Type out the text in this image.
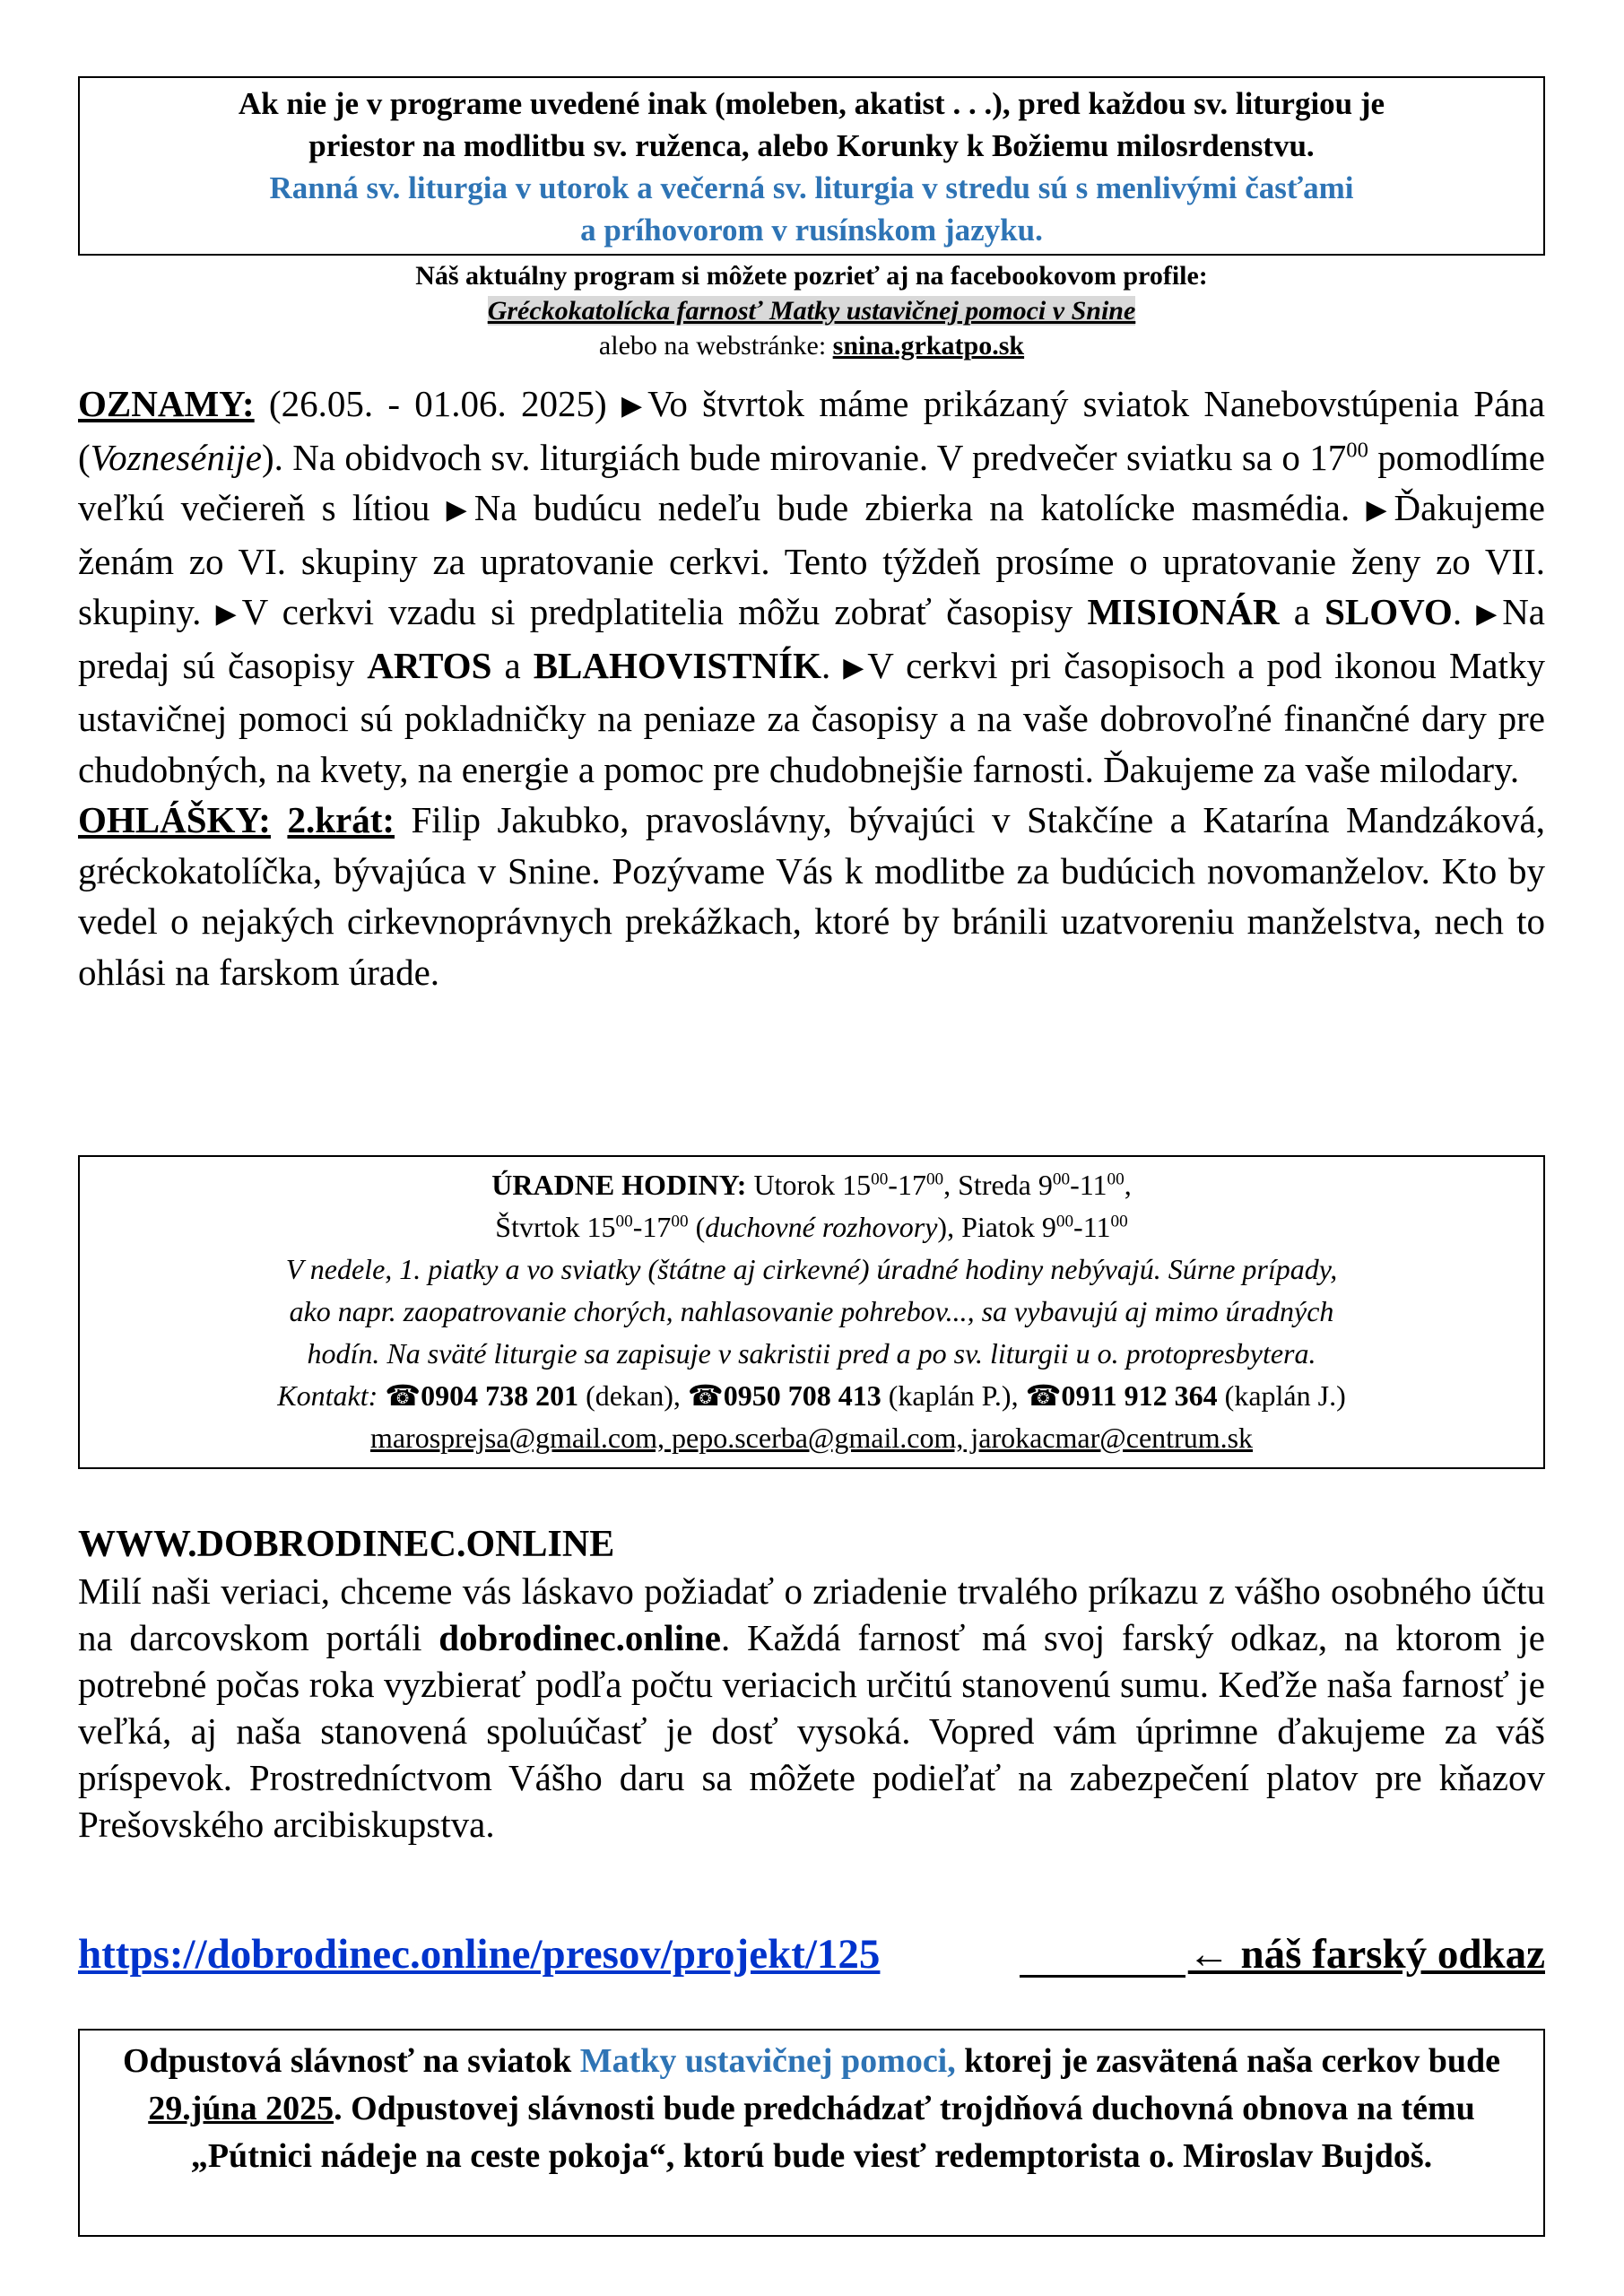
Ak nie je v programe uvedené inak (moleben, akatist . . .), pred každou sv. liturgiou je

priestor na modlitbu sv. ruženca, alebo Korunky k Božiemu milosrdenstvu.

Ranná sv. liturgia v utorok a večerná sv. liturgia v stredu sú s menlivými časťami

a príhovorom v rusínskom jazyku.

Náš aktuálny program si môžete pozrieť aj na facebookovom profile:
Gréckokatolícka farnosť Matky ustavičnej pomoci v Snine
alebo na webstránke: snina.grkatpo.sk

OZNAMY: (26.05. - 01.06. 2025) ▶Vo štvrtok máme prikázaný sviatok Nanebovstúpenia Pána (Voznesénije). Na obidvoch sv. liturgiách bude mirovanie. V predvečer sviatku sa o $17^{00}$ pomodlíme veľkú večiereň s lítiou ▶Na budúcu nedeľu bude zbierka na katolícke masmédia. ▶Ďakujeme ženám zo VI. skupiny za upratovanie cerkvi. Tento týždeň prosíme o upratovanie ženy zo VII. skupiny. ▶V cerkvi vzadu si predplatitelia môžu zobrať časopisy MISIONÁR a SLOVO. ▶Na predaj sú časopisy ARTOS a BLAHOVISTNÍK. ▶V cerkvi pri časopisoch a pod ikonou Matky ustavičnej pomoci sú pokladničky na peniaze za časopisy a na vaše dobrovoľné finančné dary pre chudobných, na kvety, na energie a pomoc pre chudobnejšie farnosti. Ďakujeme za vaše milodary.

OHLÁŠKY: 2.krát: Filip Jakubko, pravoslávny, bývajúci v Stakčíne a Katarína Mandzáková, gréckokatolíčka, bývajúca v Snine. Pozývame Vás k modlitbe za budúcich novomanželov. Kto by vedel o nejakých cirkevnoprávnych prekážkach, ktoré by bránili uzatvoreniu manželstva, nech to ohlási na farskom úrade.

ÚRADNE HODINY: Utorok $15^{00}-17^{00}$, Streda $9^{00}-11^{00}$,
Štvrtok $15^{00}-17^{00}$ (duchovné rozhovory), Piatok $9^{00}-11^{00}$
V nedele, 1. piatky a vo sviatky (štátne aj cirkevné) úradné hodiny nebývajú. Súrne prípady,
ako napr. zaopatrovanie chorých, nahlasovanie pohrebov..., sa vybavujú aj mimo úradných
hodín. Na sväté liturgie sa zapisuje v sakristii pred a po sv. liturgii u o. protopresbytera.
Kontakt: ☎0904 738 201 (dekan), ☎0950 708 413 (kaplán P.), ☎0911 912 364 (kaplán J.)
marosprejsa@gmail.com, pepo.scerba@gmail.com, jarokacmar@centrum.sk
WWW.DOBRODINEC.ONLINE

Milí naši veriaci, chceme vás láskavo požiadať o zriadenie trvalého príkazu z vášho osobného účtu na darcovskom portáli dobrodinec.online. Každá farnosť má svoj farský odkaz, na ktorom je potrebné počas roka vyzbierať podľa počtu veriacich určitú stanovenú sumu. Keďže naša farnosť je veľká, aj naša stanovená spoluúčasť je dosť vysoká. Vopred vám úprimne ďakujeme za váš príspevok. Prostredníctvom Vášho daru sa môžete podieľať na zabezpečení platov pre kňazov Prešovského arcibiskupstva.

https://dobrodinec.online/presov/projekt/125	← náš farský odkaz

Odpustová slávnosť na sviatok Matky ustavičnej pomoci, ktorej je zasvätená naša cerkov bude 29.júna 2025. Odpustovej slávnosti bude predchádzať trojdňová duchovná obnova na tému „Pútnici nádeje na ceste pokoja“, ktorú bude viesť redemptorista o. Miroslav Bujdoš.
